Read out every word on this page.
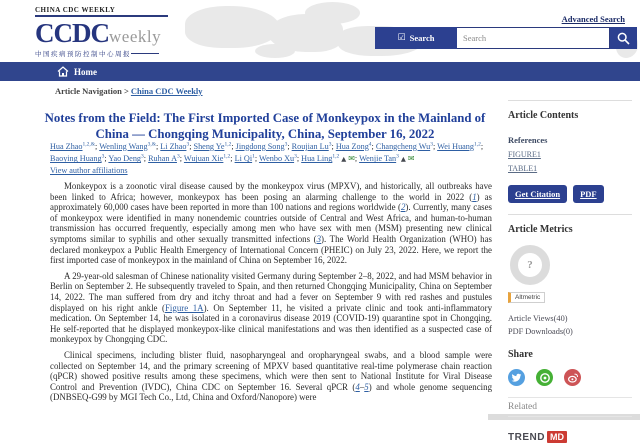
CHINA CDC WEEKLY
CCDCweekly
中国疾病预防控制中心周报
Advanced Search
☑ Search
Search
Home
Article Navigation > China CDC Weekly
Notes from the Field: The First Imported Case of Monkeypox in the Mainland of China — Chongqing Municipality, China, September 16, 2022
Hua Zhao$^{1,2,\&}$; Wenling Wang$^{3,\&}$; Li Zhao$^3$; Sheng Ye$^{1,2}$; Jingdong Song$^3$; Roujian Lu$^3$; Hua Zong$^4$; Changcheng Wu$^3$; Wei Huang$^{1,2}$; Baoying Huang$^3$; Yao Deng$^3$; Ruhan $A^3$; Wujuan Xie$^{1,2}$; Li Qi$^1$; Wenbo Xu$^3$; Hua Ling$^{1,2}$ ▲ ✉; Wenjie Tan$^3$ ▲ ✉
View author affiliations

Monkeypox is a zoonotic viral disease caused by the monkeypox virus (MPXV), and historically, all outbreaks have been linked to Africa; however, monkeypox has been posing an alarming challenge to the world in 2022 (1) as approximately 60,000 cases have been reported in more than 100 nations and regions worldwide (2). Currently, many cases of monkeypox were identified in many nonendemic countries outside of Central and West Africa, and human-to-human transmission has occurred frequently, especially among men who have sex with men (MSM) presenting new clinical symptoms similar to syphilis and other sexually transmitted infections (3). The World Health Organization (WHO) has declared monkeypox a Public Health Emergency of International Concern (PHEIC) on July 23, 2022. Here, we report the first imported case of monkeypox in the mainland of China on September 16, 2022.

A 29-year-old salesman of Chinese nationality visited Germany during September 2–8, 2022, and had MSM behavior in Berlin on September 2. He subsequently traveled to Spain, and then returned Chongqing Municipality, China on September 14, 2022. The man suffered from dry and itchy throat and had a fever on September 9 with red rashes and pustules displayed on his right ankle (Figure 1A). On September 11, he visited a private clinic and took anti-inflammatory medication. On September 14, he was isolated in a coronavirus disease 2019 (COVID-19) quarantine spot in Chongqing. He self-reported that he displayed monkeypox-like clinical manifestations and was then identified as a suspected case of monkeypox by Chongqing CDC.

Clinical specimens, including blister fluid, nasopharyngeal and oropharyngeal swabs, and a blood sample were collected on September 14, and the primary screening of MPXV based quantitative real-time polymerase chain reaction (qPCR) showed positive results among these specimens, which were then sent to National Institute for Viral Disease Control and Prevention (IVDC), China CDC on September 16. Several qPCR (4–5) and whole genome sequencing (DNBSEQ-G99 by MGI Tech Co., Ltd, China and Oxford/Nanopore) were

Article Contents
References
FIGURE1
TABLE1
Get Citation	PDF
Article Metrics
?
Altmetric
Article Views(40)
PDF Downloads(0)
Share
Related
TREND MD
